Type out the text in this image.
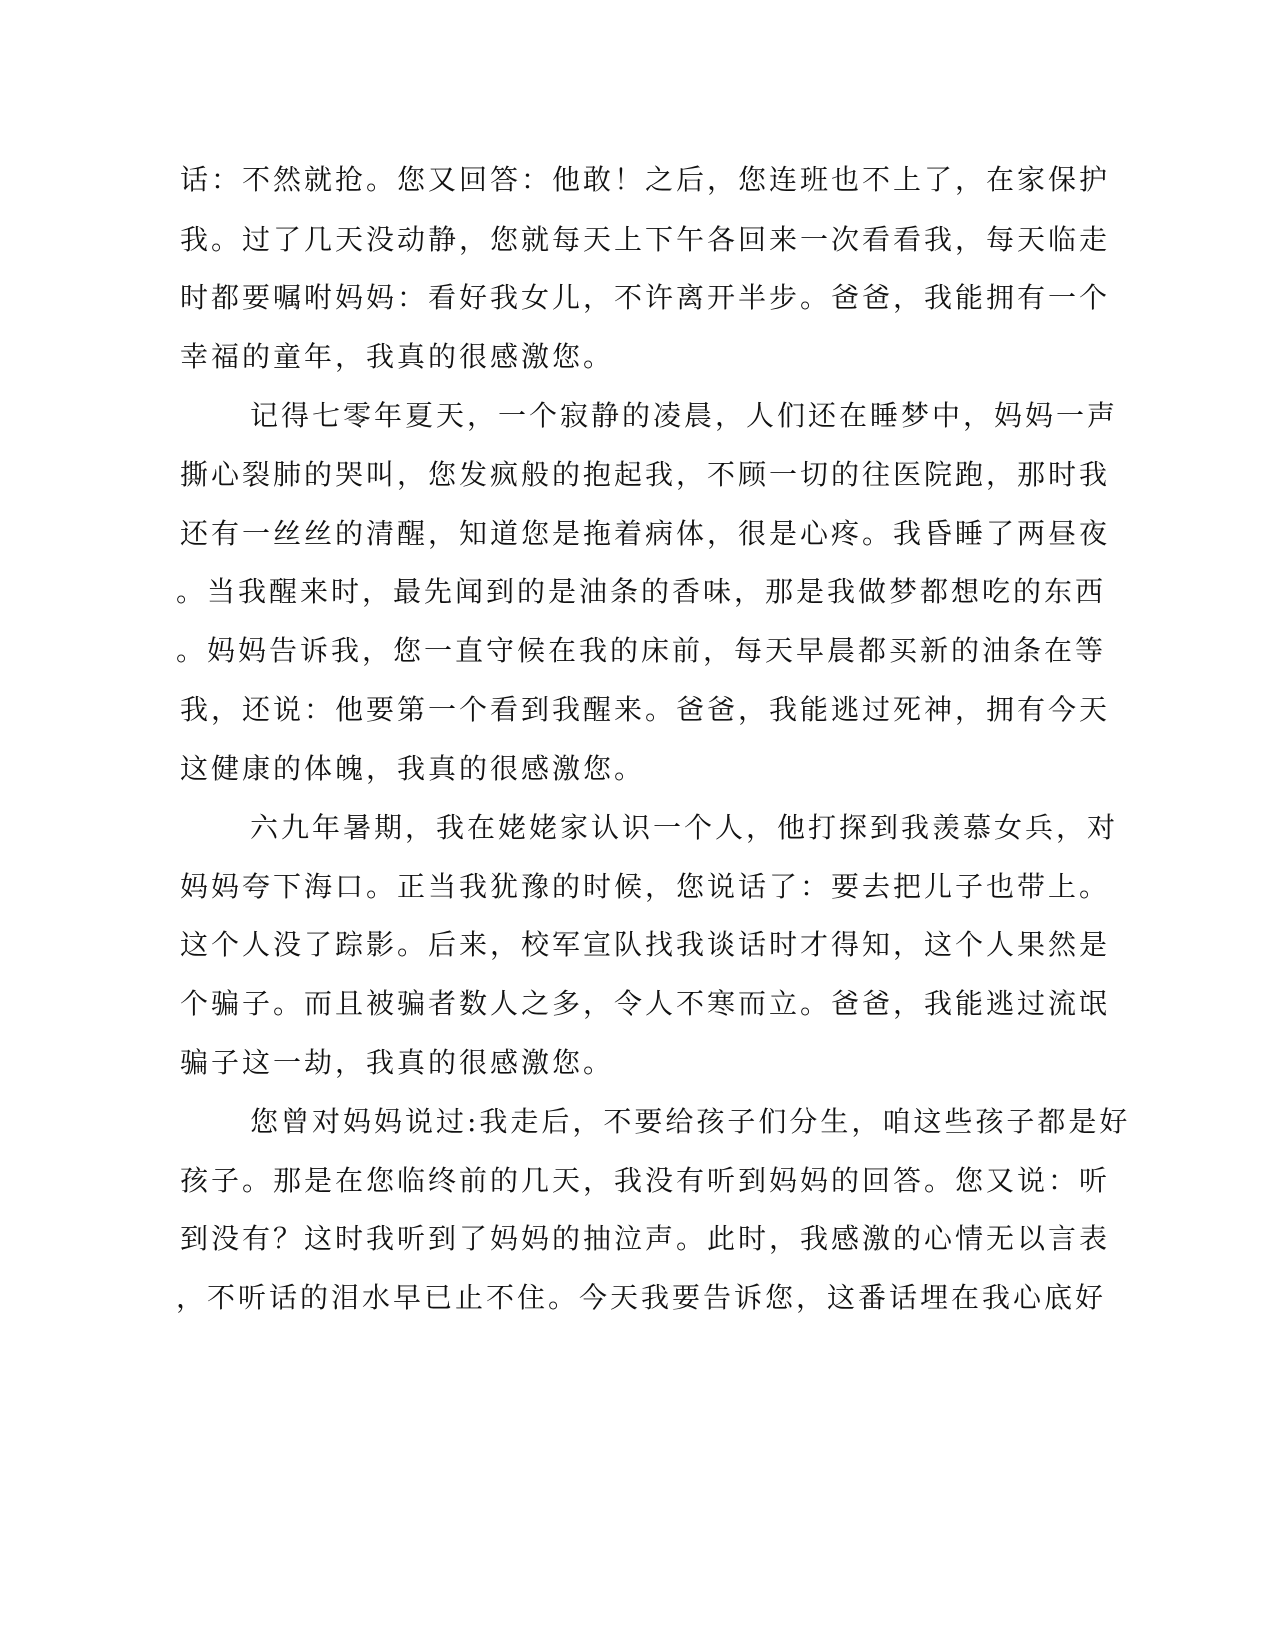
话：不然就抢。您又回答：他敢！之后，您连班也不上了，在家保护
我。过了几天没动静，您就每天上下午各回来一次看看我，每天临走
时都要嘱咐妈妈：看好我女儿，不许离开半步。爸爸，我能拥有一个
幸福的童年，我真的很感激您。
记得七零年夏天，一个寂静的凌晨，人们还在睡梦中，妈妈一声
撕心裂肺的哭叫，您发疯般的抱起我，不顾一切的往医院跑，那时我
还有一丝丝的清醒，知道您是拖着病体，很是心疼。我昏睡了两昼夜
。当我醒来时，最先闻到的是油条的香味，那是我做梦都想吃的东西
。妈妈告诉我，您一直守候在我的床前，每天早晨都买新的油条在等
我，还说：他要第一个看到我醒来。爸爸，我能逃过死神，拥有今天
这健康的体魄，我真的很感激您。
六九年暑期，我在姥姥家认识一个人，他打探到我羡慕女兵，对
妈妈夸下海口。正当我犹豫的时候，您说话了：要去把儿子也带上。
这个人没了踪影。后来，校军宣队找我谈话时才得知，这个人果然是
个骗子。而且被骗者数人之多，令人不寒而立。爸爸，我能逃过流氓
骗子这一劫，我真的很感激您。
您曾对妈妈说过:我走后，不要给孩子们分生，咱这些孩子都是好
孩子。那是在您临终前的几天，我没有听到妈妈的回答。您又说：听
到没有？这时我听到了妈妈的抽泣声。此时，我感激的心情无以言表
，不听话的泪水早已止不住。今天我要告诉您，这番话埋在我心底好
